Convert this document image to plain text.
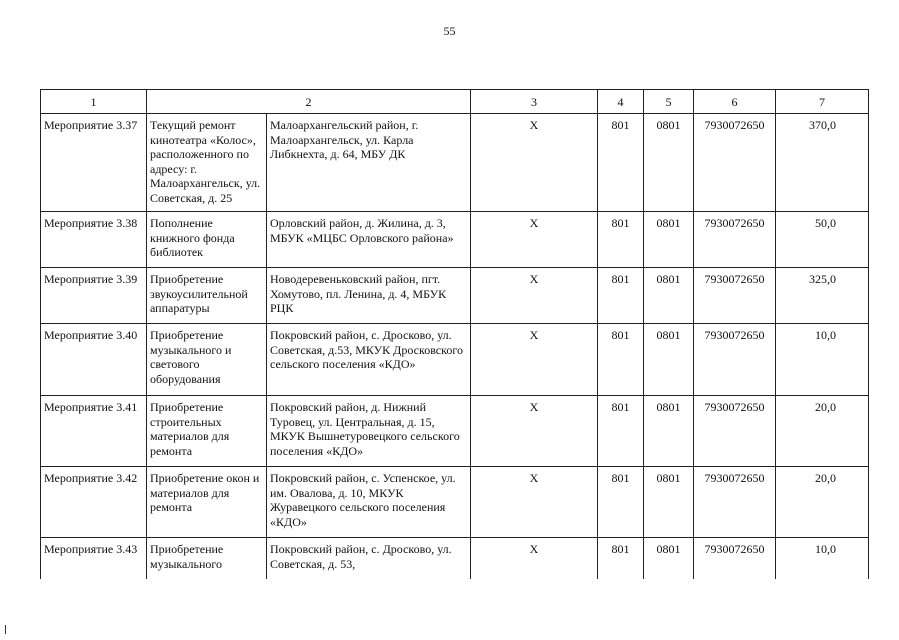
55
1	2		3	4	5	6	7
Мероприятие 3.37	Текущий ремонт кинотеатра «Колос», расположенного по адресу: г. Малоархангельск, ул. Советская, д. 25	Малоархангельский район, г. Малоархангельск, ул. Карла Либкнехта, д. 64, МБУ ДК	Х	801	0801	7930072650	370,0
Мероприятие 3.38	Пополнение книжного фонда библиотек	Орловский район, д. Жилина, д. 3, МБУК «МЦБС Орловского района»	Х	801	0801	7930072650	50,0
Мероприятие 3.39	Приобретение звукоусилительной аппаратуры	Новодеревеньковский район, пгт. Хомутово, пл. Ленина, д. 4, МБУК РЦК	Х	801	0801	7930072650	325,0
Мероприятие 3.40	Приобретение музыкального и светового оборудования	Покровский район, с. Дросково, ул. Советская, д.53, МКУК Дросковского сельского поселения «КДО»	Х	801	0801	7930072650	10,0
Мероприятие 3.41	Приобретение строительных материалов для ремонта	Покровский район, д. Нижний Туровец, ул. Центральная, д. 15, МКУК Вышнетуровецкого сельского поселения «КДО»	Х	801	0801	7930072650	20,0
Мероприятие 3.42	Приобретение окон и материалов для ремонта	Покровский район, с. Успенское, ул. им. Овалова, д. 10, МКУК Журавецкого сельского поселения «КДО»	Х	801	0801	7930072650	20,0
Мероприятие 3.43	Приобретение музыкального	Покровский район, с. Дросково, ул. Советская, д. 53,	Х	801	0801	7930072650	10,0
